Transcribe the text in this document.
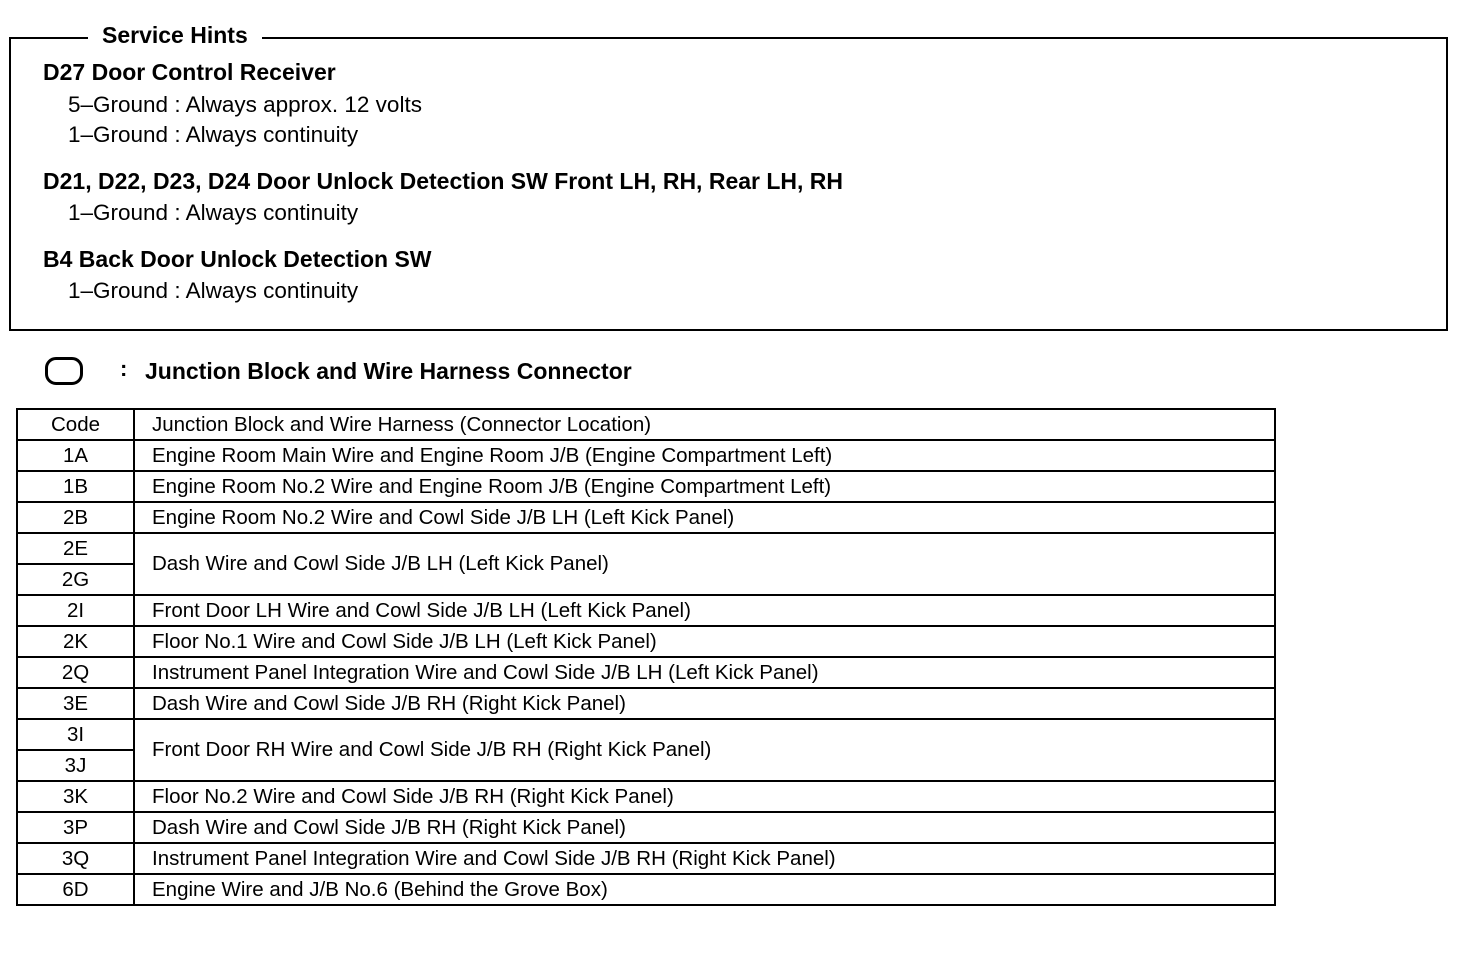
Service Hints
D27 Door Control Receiver
5–Ground : Always approx. 12 volts
1–Ground : Always continuity
D21, D22, D23, D24 Door Unlock Detection SW Front LH, RH, Rear LH, RH
1–Ground : Always continuity
B4 Back Door Unlock Detection SW
1–Ground : Always continuity
: Junction Block and Wire Harness Connector
Code	Junction Block and Wire Harness (Connector Location)
1A	Engine Room Main Wire and Engine Room J/B (Engine Compartment Left)
1B	Engine Room No.2 Wire and Engine Room J/B (Engine Compartment Left)
2B	Engine Room No.2 Wire and Cowl Side J/B LH (Left Kick Panel)
2E	Dash Wire and Cowl Side J/B LH (Left Kick Panel)
2G	
2I	Front Door LH Wire and Cowl Side J/B LH (Left Kick Panel)
2K	Floor No.1 Wire and Cowl Side J/B LH (Left Kick Panel)
2Q	Instrument Panel Integration Wire and Cowl Side J/B LH (Left Kick Panel)
3E	Dash Wire and Cowl Side J/B RH (Right Kick Panel)
3I	Front Door RH Wire and Cowl Side J/B RH (Right Kick Panel)
3J	
3K	Floor No.2 Wire and Cowl Side J/B RH (Right Kick Panel)
3P	Dash Wire and Cowl Side J/B RH (Right Kick Panel)
3Q	Instrument Panel Integration Wire and Cowl Side J/B RH (Right Kick Panel)
6D	Engine Wire and J/B No.6 (Behind the Grove Box)
